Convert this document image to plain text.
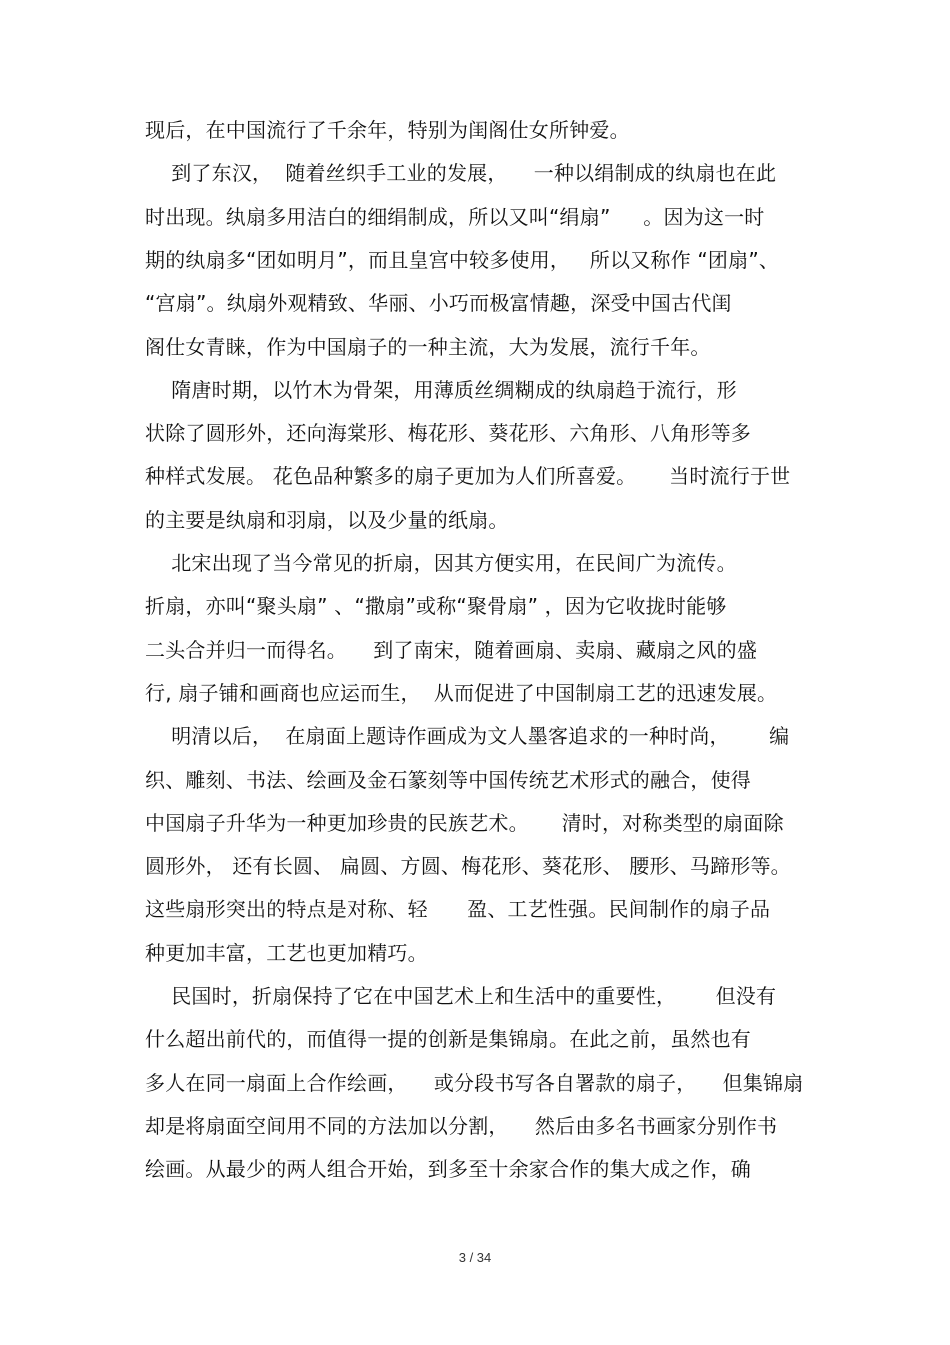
现后，在中国流行了千余年，特别为闺阁仕女所钟爱。
到了东汉，  随着丝织手工业的发展，    一种以绢制成的纨扇也在此
时出现。纨扇多用洁白的细绢制成，所以又叫“绢扇”     。因为这一时
期的纨扇多“团如明月”，而且皇宫中较多使用，   所以又称作 “团扇”、
“宫扇”。纨扇外观精致、华丽、小巧而极富情趣，深受中国古代闺
阁仕女青睐，作为中国扇子的一种主流，大为发展，流行千年。
隋唐时期，以竹木为骨架，用薄质丝绸糊成的纨扇趋于流行，形
状除了圆形外，还向海棠形、梅花形、葵花形、六角形、八角形等多
种样式发展。 花色品种繁多的扇子更加为人们所喜爱。     当时流行于世
的主要是纨扇和羽扇，以及少量的纸扇。
北宋出现了当今常见的折扇，因其方便实用，在民间广为流传。
折扇，亦叫“聚头扇” 、“撒扇”或称“聚骨扇” ，因为它收拢时能够
二头合并归一而得名。    到了南宋，随着画扇、卖扇、藏扇之风的盛
行, 扇子铺和画商也应运而生，  从而促进了中国制扇工艺的迅速发展。
明清以后，  在扇面上题诗作画成为文人墨客追求的一种时尚，      编
织、雕刻、书法、绘画及金石篆刻等中国传统艺术形式的融合，使得
中国扇子升华为一种更加珍贵的民族艺术。     清时，对称类型的扇面除
圆形外， 还有长圆、 扁圆、方圆、梅花形、葵花形、 腰形、马蹄形等。
这些扇形突出的特点是对称、轻      盈、工艺性强。民间制作的扇子品
种更加丰富，工艺也更加精巧。
民国时，折扇保持了它在中国艺术上和生活中的重要性，      但没有
什么超出前代的，而值得一提的创新是集锦扇。在此之前，虽然也有
多人在同一扇面上合作绘画，    或分段书写各自署款的扇子，    但集锦扇
却是将扇面空间用不同的方法加以分割，    然后由多名书画家分别作书
绘画。从最少的两人组合开始，到多至十余家合作的集大成之作，确
3 / 34
